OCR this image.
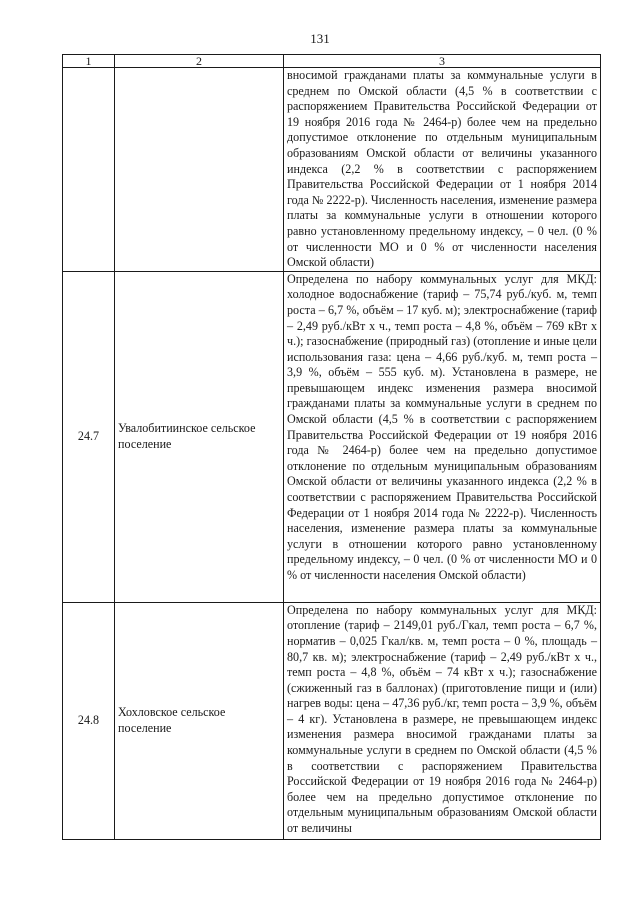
131
1	2	3

		вносимой гражданами платы за коммунальные услуги в среднем по Омской области (4,5 % в соответствии с распоряжением Правительства Российской Федерации от 19 ноября 2016 года № 2464-р) более чем на предельно допустимое отклонение по отдельным муниципальным образованиям Омской области от величины указанного индекса (2,2 % в соответствии с распоряжением Правительства Российской Федерации от 1 ноября 2014 года № 2222-р). Численность населения, изменение размера платы за коммунальные услуги в отношении которого равно установленному предельному индексу, – 0 чел. (0 % от численности МО и 0 % от численности населения Омской области)

24.7	Увалобитиинское сельское поселение	Определена по набору коммунальных услуг для МКД: холодное водоснабжение (тариф – 75,74 руб./куб. м, темп роста – 6,7 %, объём – 17 куб. м); электроснабжение (тариф – 2,49 руб./кВт х ч., темп роста – 4,8 %, объём – 769 кВт х ч.); газоснабжение (природный газ) (отопление и иные цели использования газа: цена – 4,66 руб./куб. м, темп роста – 3,9 %, объём – 555 куб. м). Установлена в размере, не превышающем индекс изменения размера вносимой гражданами платы за коммунальные услуги в среднем по Омской области (4,5 % в соответствии с распоряжением Правительства Российской Федерации от 19 ноября 2016 года № 2464-р) более чем на предельно допустимое отклонение по отдельным муниципальным образованиям Омской области от величины указанного индекса (2,2 % в соответствии с распоряжением Правительства Российской Федерации от 1 ноября 2014 года № 2222-р). Численность населения, изменение размера платы за коммунальные услуги в отношении которого равно установленному предельному индексу, – 0 чел. (0 % от численности МО и 0 % от численности населения Омской области)

24.8	Хохловское сельское поселение	Определена по набору коммунальных услуг для МКД: отопление (тариф – 2149,01 руб./Гкал, темп роста – 6,7 %, норматив – 0,025 Гкал/кв. м, темп роста – 0 %, площадь – 80,7 кв. м); электроснабжение (тариф – 2,49 руб./кВт х ч., темп роста – 4,8 %, объём – 74 кВт х ч.); газоснабжение (сжиженный газ в баллонах) (приготовление пищи и (или) нагрев воды: цена – 47,36 руб./кг, темп роста – 3,9 %, объём – 4 кг). Установлена в размере, не превышающем индекс изменения размера вносимой гражданами платы за коммунальные услуги в среднем по Омской области (4,5 % в соответствии с распоряжением Правительства Российской Федерации от 19 ноября 2016 года № 2464-р) более чем на предельно допустимое отклонение по отдельным муниципальным образованиям Омской области от величины
